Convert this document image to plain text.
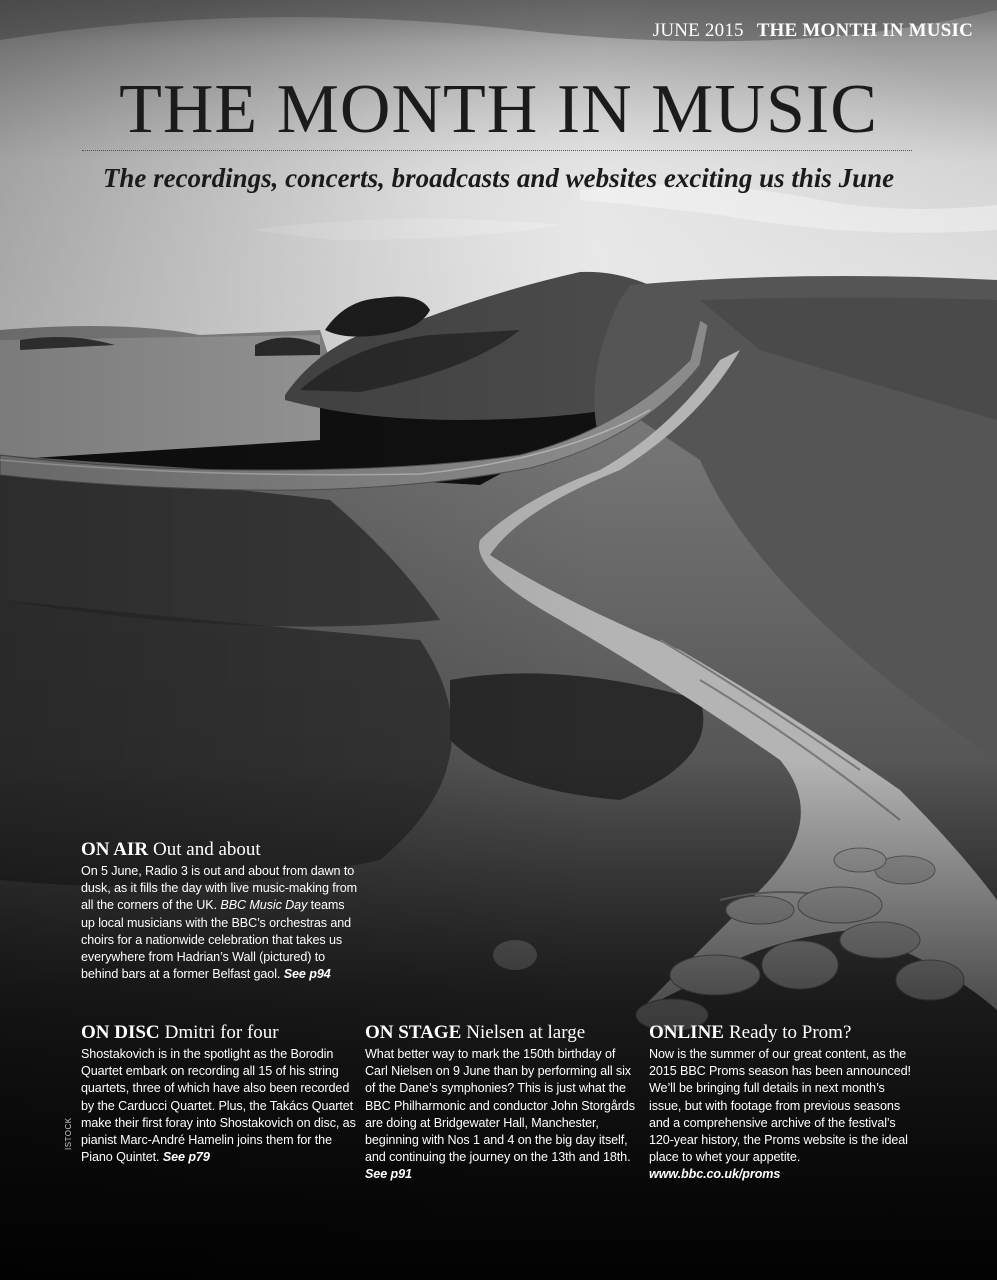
JUNE 2015 THE MONTH IN MUSIC
THE MONTH IN MUSIC
The recordings, concerts, broadcasts and websites exciting us this June
ON AIR Out and about

On 5 June, Radio 3 is out and about from dawn to dusk, as it fills the day with live music-making from all the corners of the UK. BBC Music Day teams up local musicians with the BBC’s orchestras and choirs for a nationwide celebration that takes us everywhere from Hadrian’s Wall (pictured) to behind bars at a former Belfast gaol. See p94

ON DISC Dmitri for four

Shostakovich is in the spotlight as the Borodin Quartet embark on recording all 15 of his string quartets, three of which have also been recorded by the Carducci Quartet. Plus, the Takács Quartet make their first foray into Shostakovich on disc, as pianist Marc-André Hamelin joins them for the Piano Quintet. See p79

ON STAGE Nielsen at large

What better way to mark the 150th birthday of Carl Nielsen on 9 June than by performing all six of the Dane’s symphonies? This is just what the BBC Philharmonic and conductor John Storgårds are doing at Bridgewater Hall, Manchester, beginning with Nos 1 and 4 on the big day itself, and continuing the journey on the 13th and 18th. See p91

ONLINE Ready to Prom?

Now is the summer of our great content, as the 2015 BBC Proms season has been announced! We’ll be bringing full details in next month’s issue, but with footage from previous seasons and a comprehensive archive of the festival’s 120-year history, the Proms website is the ideal place to whet your appetite. www.bbc.co.uk/proms

ISTOCK
